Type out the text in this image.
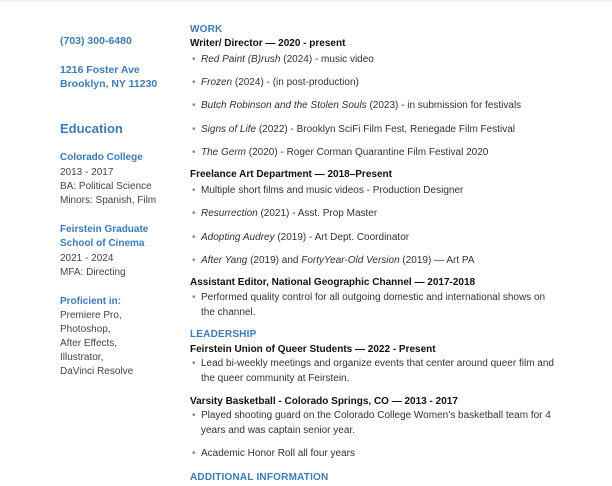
(703) 300-6480
1216 Foster Ave
Brooklyn, NY 11230
Education
Colorado College
2013 - 2017
BA: Political Science
Minors: Spanish, Film
Feirstein Graduate
School of Cinema
2021 - 2024
MFA: Directing
Proficient in:
Premiere Pro,
Photoshop,
After Effects,
Illustrator,
DaVinci Resolve
WORK
Writer/ Director — 2020 - present
• Red Paint (B)rush (2024) - music video
• Frozen (2024) - (in post-production)
• Butch Robinson and the Stolen Souls (2023) - in submission for festivals
• Signs of Life (2022) - Brooklyn SciFi Film Fest, Renegade Film Festival
• The Germ (2020) - Roger Corman Quarantine Film Festival 2020
Freelance Art Department — 2018–Present
• Multiple short films and music videos - Production Designer
• Resurrection (2021) - Asst. Prop Master
• Adopting Audrey (2019) - Art Dept. Coordinator
• After Yang (2019) and FortyYear-Old Version (2019) — Art PA
Assistant Editor, National Geographic Channel — 2017-2018
• Performed quality control for all outgoing domestic and international shows on the channel.
LEADERSHIP
Feirstein Union of Queer Students — 2022 - Present
• Lead bi-weekly meetings and organize events that center around queer film and the queer community at Feirstein.
Varsity Basketball - Colorado Springs, CO — 2013 - 2017
• Played shooting guard on the Colorado College Women’s basketball team for 4 years and was captain senior year.
• Academic Honor Roll all four years
ADDITIONAL INFORMATION
